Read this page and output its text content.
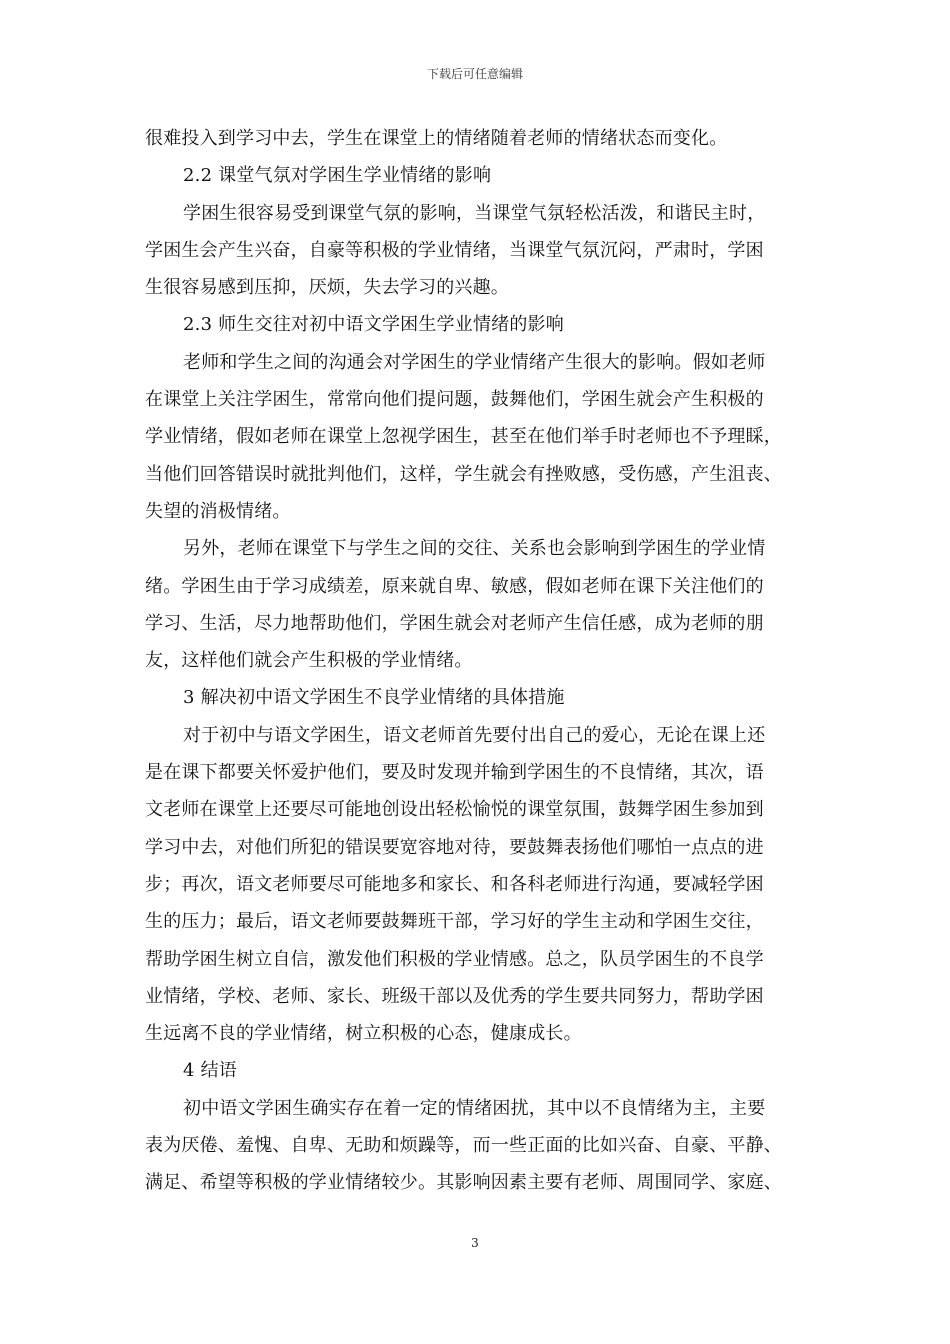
下载后可任意编辑
很难投入到学习中去，学生在课堂上的情绪随着老师的情绪状态而变化。
2.2 课堂气氛对学困生学业情绪的影响
学困生很容易受到课堂气氛的影响，当课堂气氛轻松活泼，和谐民主时，
学困生会产生兴奋，自豪等积极的学业情绪，当课堂气氛沉闷，严肃时，学困
生很容易感到压抑，厌烦，失去学习的兴趣。
2.3 师生交往对初中语文学困生学业情绪的影响
老师和学生之间的沟通会对学困生的学业情绪产生很大的影响。假如老师
在课堂上关注学困生，常常向他们提问题，鼓舞他们，学困生就会产生积极的
学业情绪，假如老师在课堂上忽视学困生，甚至在他们举手时老师也不予理睬，
当他们回答错误时就批判他们，这样，学生就会有挫败感，受伤感，产生沮丧、
失望的消极情绪。
另外，老师在课堂下与学生之间的交往、关系也会影响到学困生的学业情
绪。学困生由于学习成绩差，原来就自卑、敏感，假如老师在课下关注他们的
学习、生活，尽力地帮助他们，学困生就会对老师产生信任感，成为老师的朋
友，这样他们就会产生积极的学业情绪。
3 解决初中语文学困生不良学业情绪的具体措施
对于初中与语文学困生，语文老师首先要付出自己的爱心，无论在课上还
是在课下都要关怀爱护他们，要及时发现并输到学困生的不良情绪，其次，语
文老师在课堂上还要尽可能地创设出轻松愉悦的课堂氛围，鼓舞学困生参加到
学习中去，对他们所犯的错误要宽容地对待，要鼓舞表扬他们哪怕一点点的进
步；再次，语文老师要尽可能地多和家长、和各科老师进行沟通，要减轻学困
生的压力；最后，语文老师要鼓舞班干部，学习好的学生主动和学困生交往，
帮助学困生树立自信，激发他们积极的学业情感。总之，队员学困生的不良学
业情绪，学校、老师、家长、班级干部以及优秀的学生要共同努力，帮助学困
生远离不良的学业情绪，树立积极的心态，健康成长。
4 结语
初中语文学困生确实存在着一定的情绪困扰，其中以不良情绪为主，主要
表为厌倦、羞愧、自卑、无助和烦躁等，而一些正面的比如兴奋、自豪、平静、
满足、希望等积极的学业情绪较少。其影响因素主要有老师、周围同学、家庭、
3
